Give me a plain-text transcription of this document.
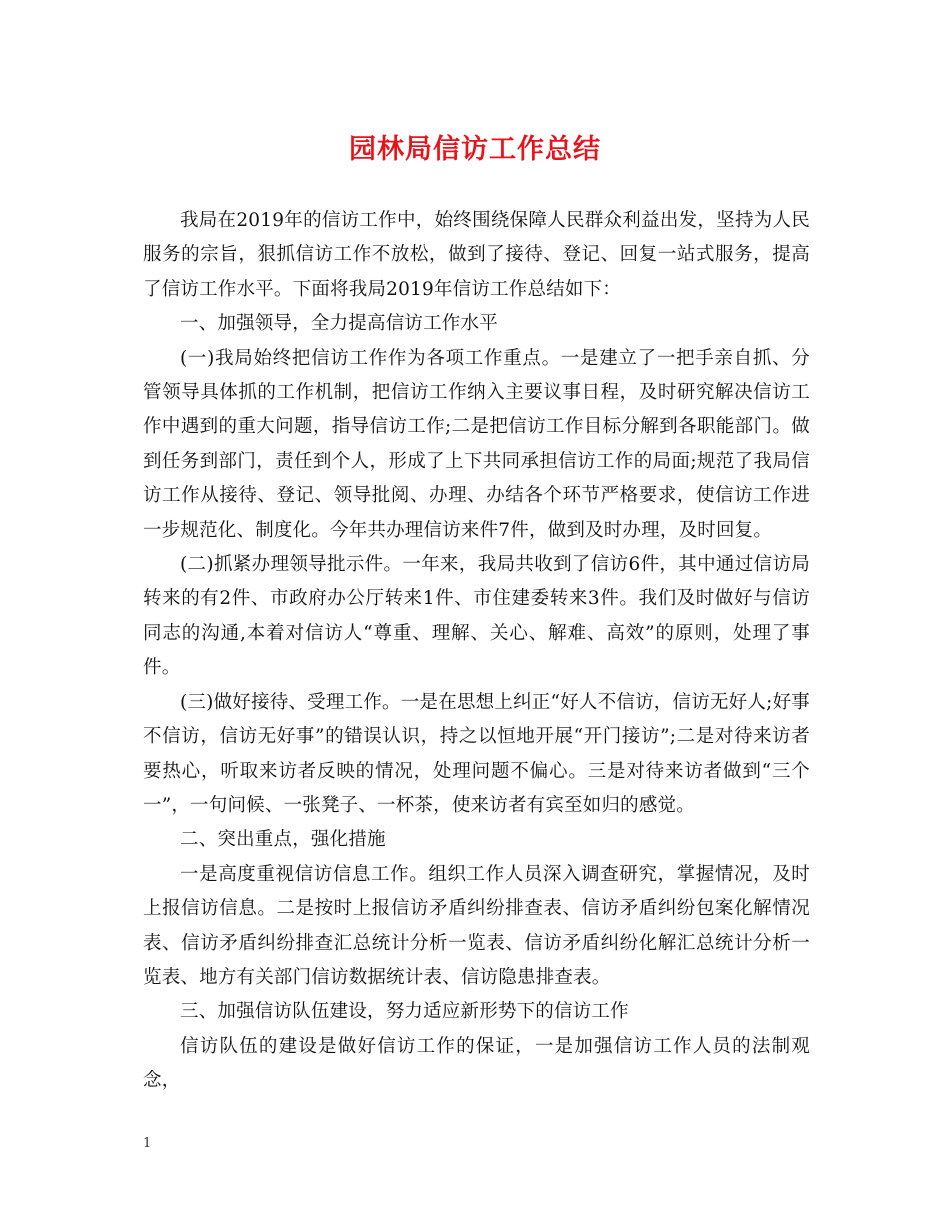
园林局信访工作总结

我局在2019年的信访工作中，始终围绕保障人民群众利益出发，坚持为人民服务的宗旨，狠抓信访工作不放松，做到了接待、登记、回复一站式服务，提高了信访工作水平。下面将我局2019年信访工作总结如下：

一、加强领导，全力提高信访工作水平

(一)我局始终把信访工作作为各项工作重点。一是建立了一把手亲自抓、分管领导具体抓的工作机制，把信访工作纳入主要议事日程，及时研究解决信访工作中遇到的重大问题，指导信访工作;二是把信访工作目标分解到各职能部门。做到任务到部门，责任到个人，形成了上下共同承担信访工作的局面;规范了我局信访工作从接待、登记、领导批阅、办理、办结各个环节严格要求，使信访工作进一步规范化、制度化。今年共办理信访来件7件，做到及时办理，及时回复。

(二)抓紧办理领导批示件。一年来，我局共收到了信访6件，其中通过信访局转来的有2件、市政府办公厅转来1件、市住建委转来3件。我们及时做好与信访同志的沟通,本着对信访人“尊重、理解、关心、解难、高效”的原则，处理了事件。

(三)做好接待、受理工作。一是在思想上纠正“好人不信访，信访无好人;好事不信访，信访无好事”的错误认识，持之以恒地开展“开门接访”;二是对待来访者要热心，听取来访者反映的情况，处理问题不偏心。三是对待来访者做到“三个一”，一句问候、一张凳子、一杯茶，使来访者有宾至如归的感觉。

二、突出重点，强化措施

一是高度重视信访信息工作。组织工作人员深入调查研究，掌握情况，及时上报信访信息。二是按时上报信访矛盾纠纷排查表、信访矛盾纠纷包案化解情况表、信访矛盾纠纷排查汇总统计分析一览表、信访矛盾纠纷化解汇总统计分析一览表、地方有关部门信访数据统计表、信访隐患排查表。

三、加强信访队伍建设，努力适应新形势下的信访工作

信访队伍的建设是做好信访工作的保证，一是加强信访工作人员的法制观念，

1
